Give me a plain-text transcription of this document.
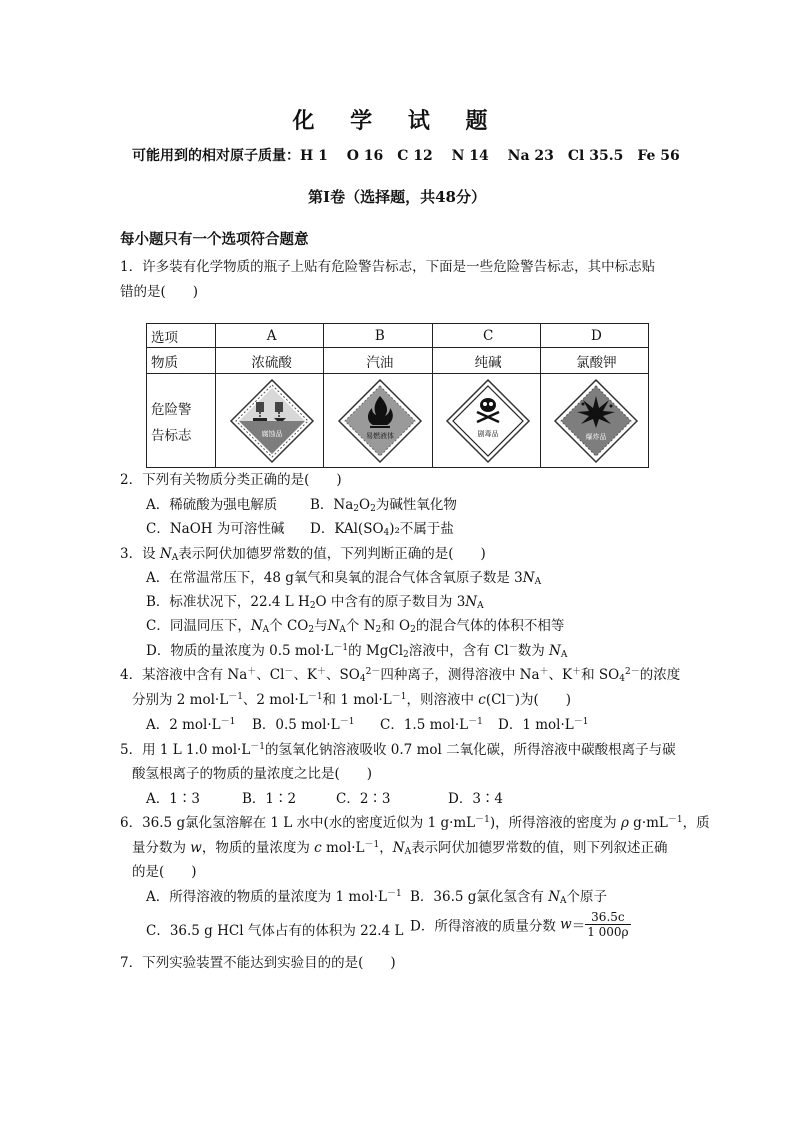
化 学 试 题
可能用到的相对原子质量：H 1　 O 16　C 12　 N 14　 Na 23　Cl 35.5　Fe 56
第Ⅰ卷（选择题，共48分）
每小题只有一个选项符合题意
1．许多装有化学物质的瓶子上贴有危险警告标志，下面是一些危险警告标志，其中标志贴
错的是(　　)
选项	A	B	C	D
物质	浓硫酸	汽油	纯碱	氯酸钾

危险警
告标志	腐蚀品	易燃液体	剧毒品	爆炸品
2．下列有关物质分类正确的是(　　)
A．稀硫酸为强电解质 B．$Na_2O_2$为碱性氧化物
C．NaOH 为可溶性碱 D．$KAl(SO_4)_2$不属于盐
3．设 $N_A$表示阿伏加德罗常数的值，下列判断正确的是(　　)
A．在常温常压下，48 g氧气和臭氧的混合气体含氧原子数是 $3N_A$
B．标准状况下，22.4 L $H_2O$ 中含有的原子数目为 $3N_A$
C．同温同压下，$N_A$个 $CO_2$与$N_A$个 $N_2$和 $O_2$的混合气体的体积不相等
D．物质的量浓度为 0.5 $mol\cdot L^{-1}$的 MgCl$_2$溶液中，含有 Cl－数为 $N_A$
4．某溶液中含有 Na＋、Cl－、K＋、$SO_4^{2-}$四种离子，测得溶液中 Na＋、K＋和 $SO_4^{2-}$的浓度
分别为 2 $mol\cdot L^{-1}$、2 $mol\cdot L^{-1}$和 1 $mol\cdot L^{-1}$，则溶液中 c(Cl－)为(　　)
A．2 $mol\cdot L^{-1}$ B．0.5 $mol\cdot L^{-1}$ C．1.5 $mol\cdot L^{-1}$ D．1 $mol\cdot L^{-1}$
5．用 1 L 1.0 $mol\cdot L^{-1}$的氢氧化钠溶液吸收 0.7 mol 二氧化碳，所得溶液中碳酸根离子与碳
酸氢根离子的物质的量浓度之比是(　　)
A．1∶3	B．1∶2	C．2∶3	D．3∶4
6．36.5 g氯化氢溶解在 1 L 水中(水的密度近似为 1 $g\cdot mL^{-1}$)，所得溶液的密度为 ρ $g\cdot mL^{-1}$，质
量分数为 w，物质的量浓度为 c $mol\cdot L^{-1}$，$N_A$表示阿伏加德罗常数的值，则下列叙述正确
的是(　　)
A．所得溶液的物质的量浓度为 1 $mol\cdot L^{-1}$ B．36.5 g氯化氢含有 $N_A$个原子
C．36.5 g HCl 气体占有的体积为 22.4 L D．所得溶液的质量分数 $w= \frac{36.5c}{1 000\rho}$
7．下列实验装置不能达到实验目的的是(　　)
